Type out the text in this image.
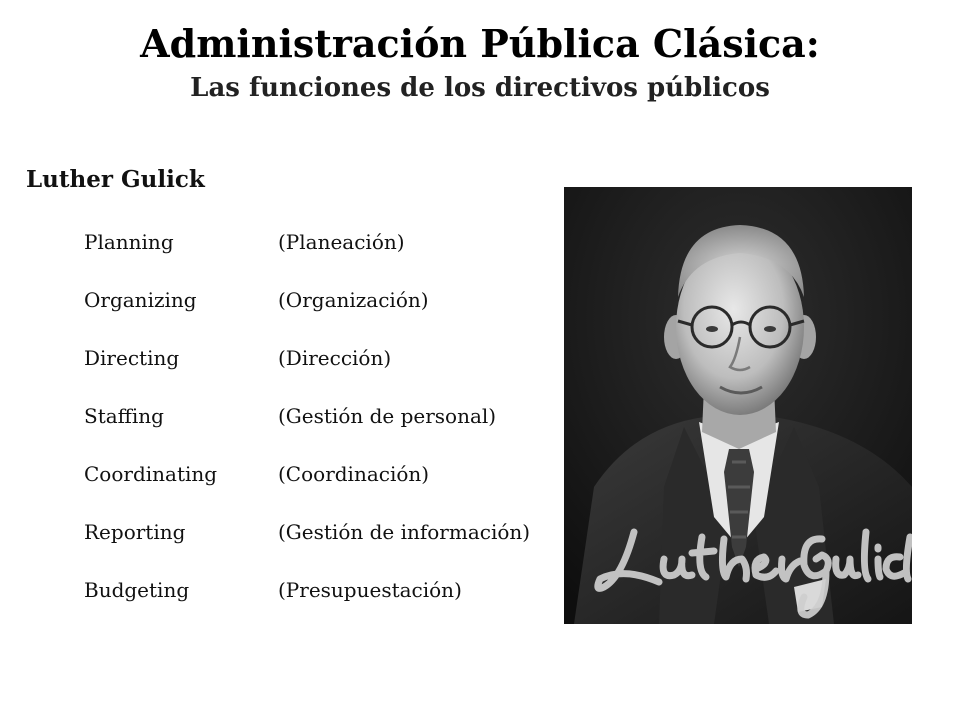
Administración Pública Clásica:
Las funciones de los directivos públicos
Luther Gulick
Planning	(Planeación)
Organizing	(Organización)
Directing	(Dirección)
Staffing	(Gestión de personal)
Coordinating	(Coordinación)
Reporting	(Gestión de información)
Budgeting	(Presupuestación)
